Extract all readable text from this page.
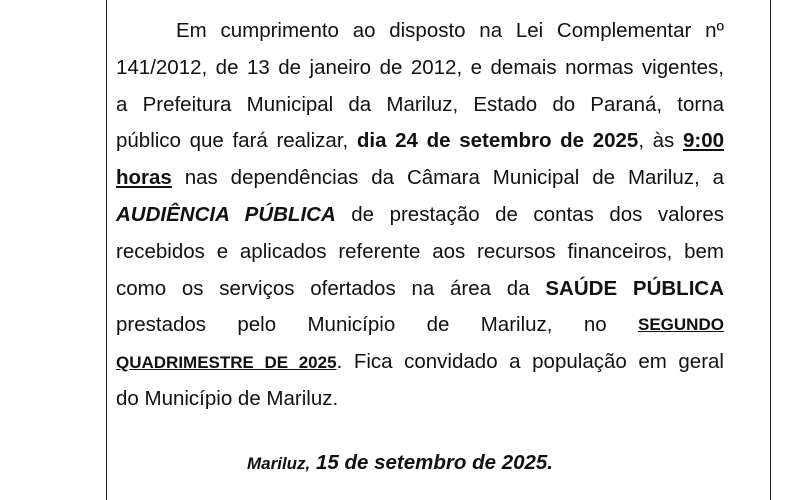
Em cumprimento ao disposto na Lei Complementar nº
141/2012, de 13 de janeiro de 2012, e demais normas vigentes,
a Prefeitura Municipal da Mariluz, Estado do Paraná, torna
público que fará realizar, dia 24 de setembro de 2025, às 9:00
horas nas dependências da Câmara Municipal de Mariluz, a
AUDIÊNCIA PÚBLICA de prestação de contas dos valores
recebidos e aplicados referente aos recursos financeiros, bem
como os serviços ofertados na área da SAÚDE PÚBLICA
prestados pelo Município de Mariluz, no SEGUNDO
QUADRIMESTRE DE 2025. Fica convidado a população em geral
do Município de Mariluz.
Mariluz, 15 de setembro de 2025.
